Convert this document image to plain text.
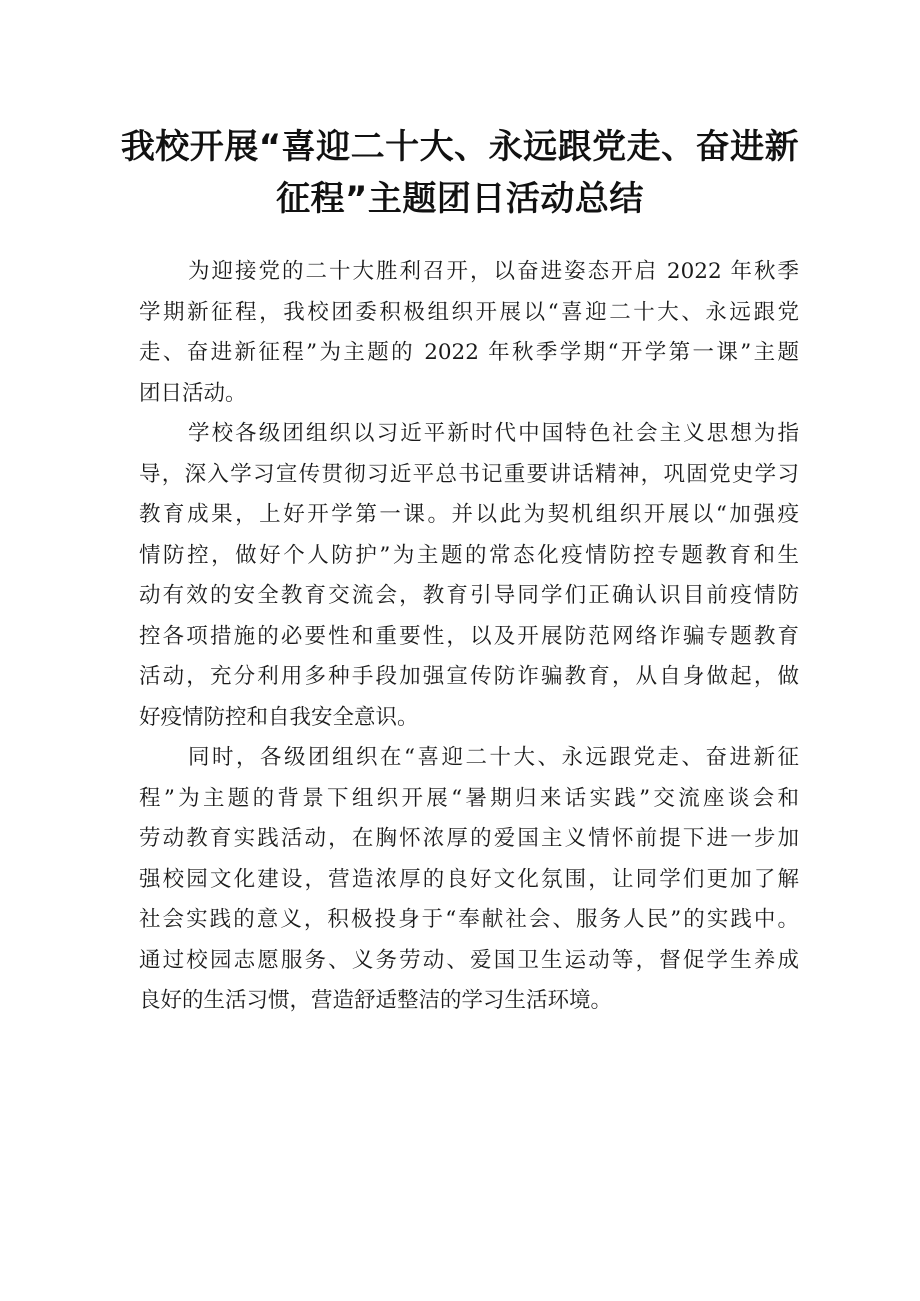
我校开展“喜迎二十大、永远跟党走、奋进新
征程”主题团日活动总结
为迎接党的二十大胜利召开，以奋进姿态开启 2022 年秋季
学期新征程，我校团委积极组织开展以“喜迎二十大、永远跟党
走、奋进新征程”为主题的 2022 年秋季学期“开学第一课”主题
团日活动。
学校各级团组织以习近平新时代中国特色社会主义思想为指
导，深入学习宣传贯彻习近平总书记重要讲话精神，巩固党史学习
教育成果，上好开学第一课。并以此为契机组织开展以“加强疫
情防控，做好个人防护”为主题的常态化疫情防控专题教育和生
动有效的安全教育交流会，教育引导同学们正确认识目前疫情防
控各项措施的必要性和重要性，以及开展防范网络诈骗专题教育
活动，充分利用多种手段加强宣传防诈骗教育，从自身做起，做
好疫情防控和自我安全意识。
同时，各级团组织在“喜迎二十大、永远跟党走、奋进新征
程”为主题的背景下组织开展“暑期归来话实践”交流座谈会和
劳动教育实践活动，在胸怀浓厚的爱国主义情怀前提下进一步加
强校园文化建设，营造浓厚的良好文化氛围，让同学们更加了解
社会实践的意义，积极投身于“奉献社会、服务人民”的实践中。
通过校园志愿服务、义务劳动、爱国卫生运动等，督促学生养成
良好的生活习惯，营造舒适整洁的学习生活环境。
